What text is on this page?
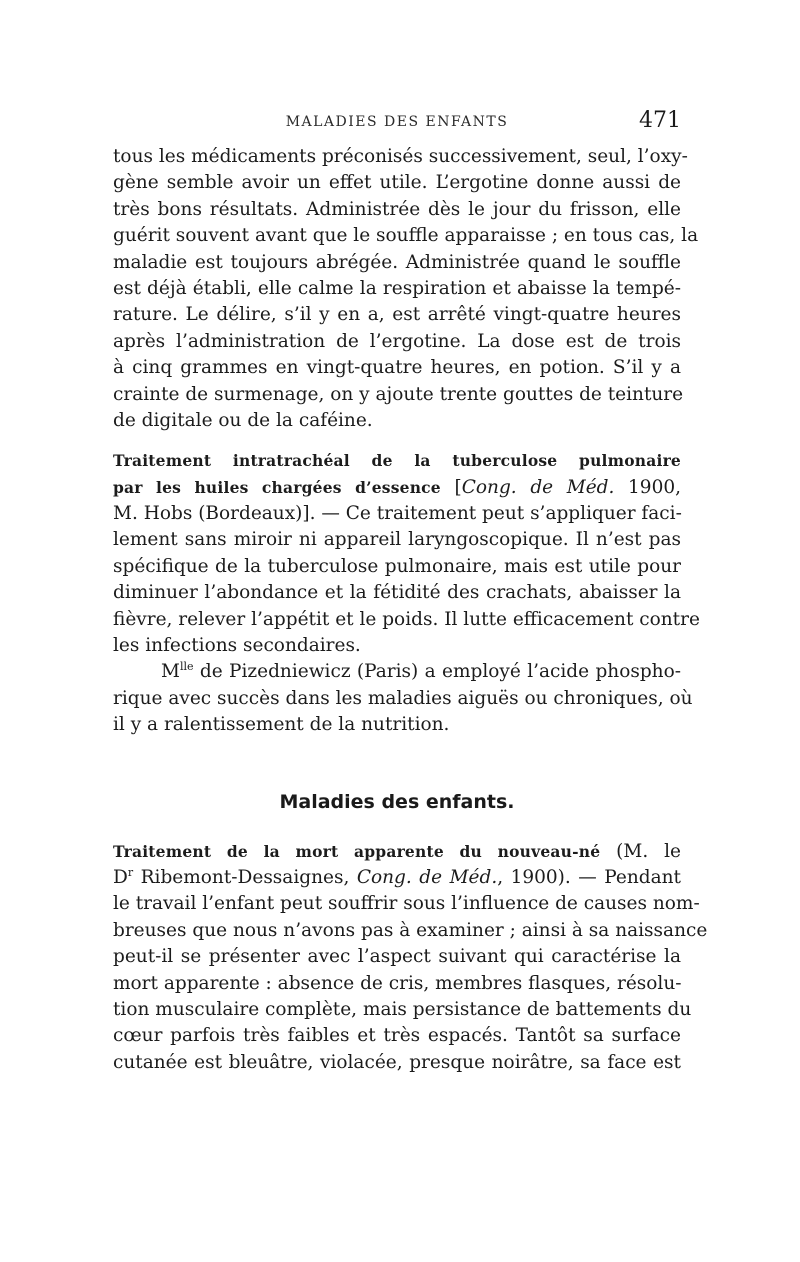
MALADIES DES ENFANTS	471
tous les médicaments préconisés successivement, seul, l’oxy-
gène semble avoir un effet utile. L’ergotine donne aussi de
très bons résultats. Administrée dès le jour du frisson, elle
guérit souvent avant que le souffle apparaisse ; en tous cas, la
maladie est toujours abrégée. Administrée quand le souffle
est déjà établi, elle calme la respiration et abaisse la tempé-
rature. Le délire, s’il y en a, est arrêté vingt-quatre heures
après l’administration de l’ergotine. La dose est de trois
à cinq grammes en vingt-quatre heures, en potion. S’il y a
crainte de surmenage, on y ajoute trente gouttes de teinture
de digitale ou de la caféine.
Traitement intratrachéal de la tuberculose pulmonaire
par les huiles chargées d’essence [Cong. de Méd. 1900,
M. Hobs (Bordeaux)]. — Ce traitement peut s’appliquer faci-
lement sans miroir ni appareil laryngoscopique. Il n’est pas
spécifique de la tuberculose pulmonaire, mais est utile pour
diminuer l’abondance et la fétidité des crachats, abaisser la
fièvre, relever l’appétit et le poids. Il lutte efficacement contre
les infections secondaires.
$M^{lle}$ de Pizedniewicz (Paris) a employé l’acide phospho-
rique avec succès dans les maladies aiguës ou chroniques, où
il y a ralentissement de la nutrition.
Maladies des enfants.
Traitement de la mort apparente du nouveau-né (M. le
$D^r$ Ribemont-Dessaignes, Cong. de Méd., 1900). — Pendant
le travail l’enfant peut souffrir sous l’influence de causes nom-
breuses que nous n’avons pas à examiner ; ainsi à sa naissance
peut-il se présenter avec l’aspect suivant qui caractérise la
mort apparente : absence de cris, membres flasques, résolu-
tion musculaire complète, mais persistance de battements du
cœur parfois très faibles et très espacés. Tantôt sa surface
cutanée est bleuâtre, violacée, presque noirâtre, sa face est
